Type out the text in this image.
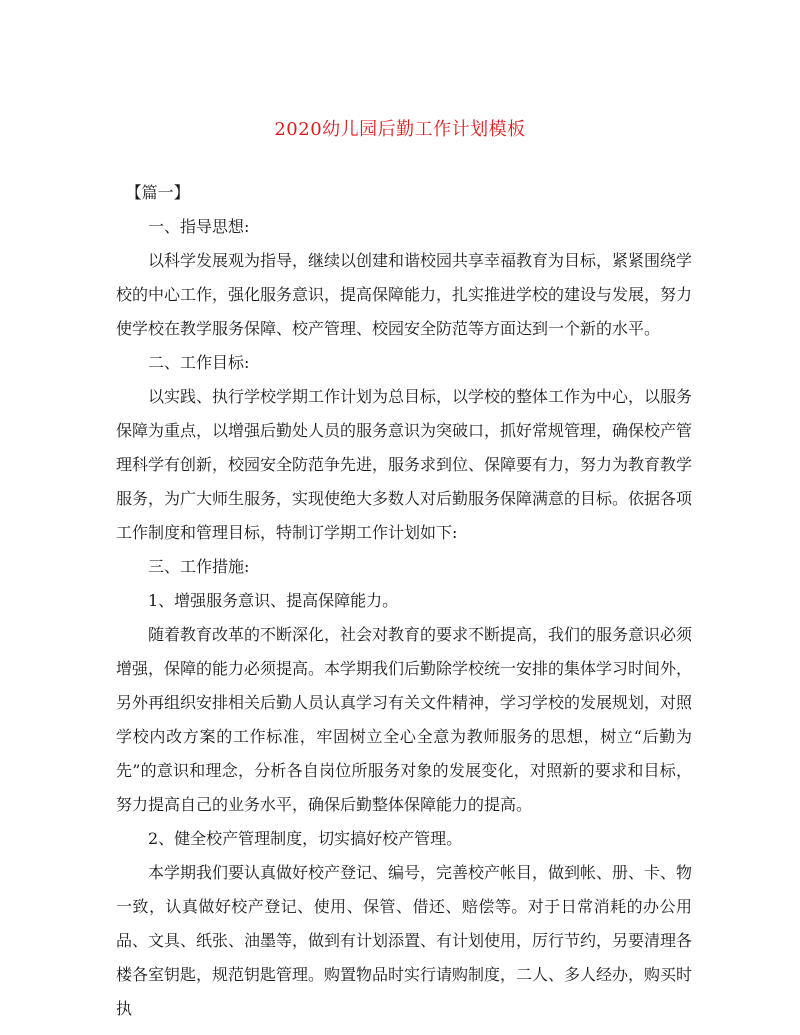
2020幼儿园后勤工作计划模板

【篇一】

一、指导思想:

以科学发展观为指导，继续以创建和谐校园共享幸福教育为目标，紧紧围绕学校的中心工作，强化服务意识，提高保障能力，扎实推进学校的建设与发展，努力使学校在教学服务保障、校产管理、校园安全防范等方面达到一个新的水平。

二、工作目标:

以实践、执行学校学期工作计划为总目标，以学校的整体工作为中心，以服务保障为重点，以增强后勤处人员的服务意识为突破口，抓好常规管理，确保校产管理科学有创新，校园安全防范争先进，服务求到位、保障要有力，努力为教育教学服务，为广大师生服务，实现使绝大多数人对后勤服务保障满意的目标。依据各项工作制度和管理目标，特制订学期工作计划如下:

三、工作措施:

1、增强服务意识、提高保障能力。

随着教育改革的不断深化，社会对教育的要求不断提高，我们的服务意识必须增强，保障的能力必须提高。本学期我们后勤除学校统一安排的集体学习时间外，另外再组织安排相关后勤人员认真学习有关文件精神，学习学校的发展规划，对照学校内改方案的工作标准，牢固树立全心全意为教师服务的思想，树立“后勤为先”的意识和理念，分析各自岗位所服务对象的发展变化，对照新的要求和目标，努力提高自己的业务水平，确保后勤整体保障能力的提高。

2、健全校产管理制度，切实搞好校产管理。

本学期我们要认真做好校产登记、编号，完善校产帐目，做到帐、册、卡、物一致，认真做好校产登记、使用、保管、借还、赔偿等。对于日常消耗的办公用品、文具、纸张、油墨等，做到有计划添置、有计划使用，厉行节约，另要清理各楼各室钥匙，规范钥匙管理。购置物品时实行请购制度，二人、多人经办，购买时执
